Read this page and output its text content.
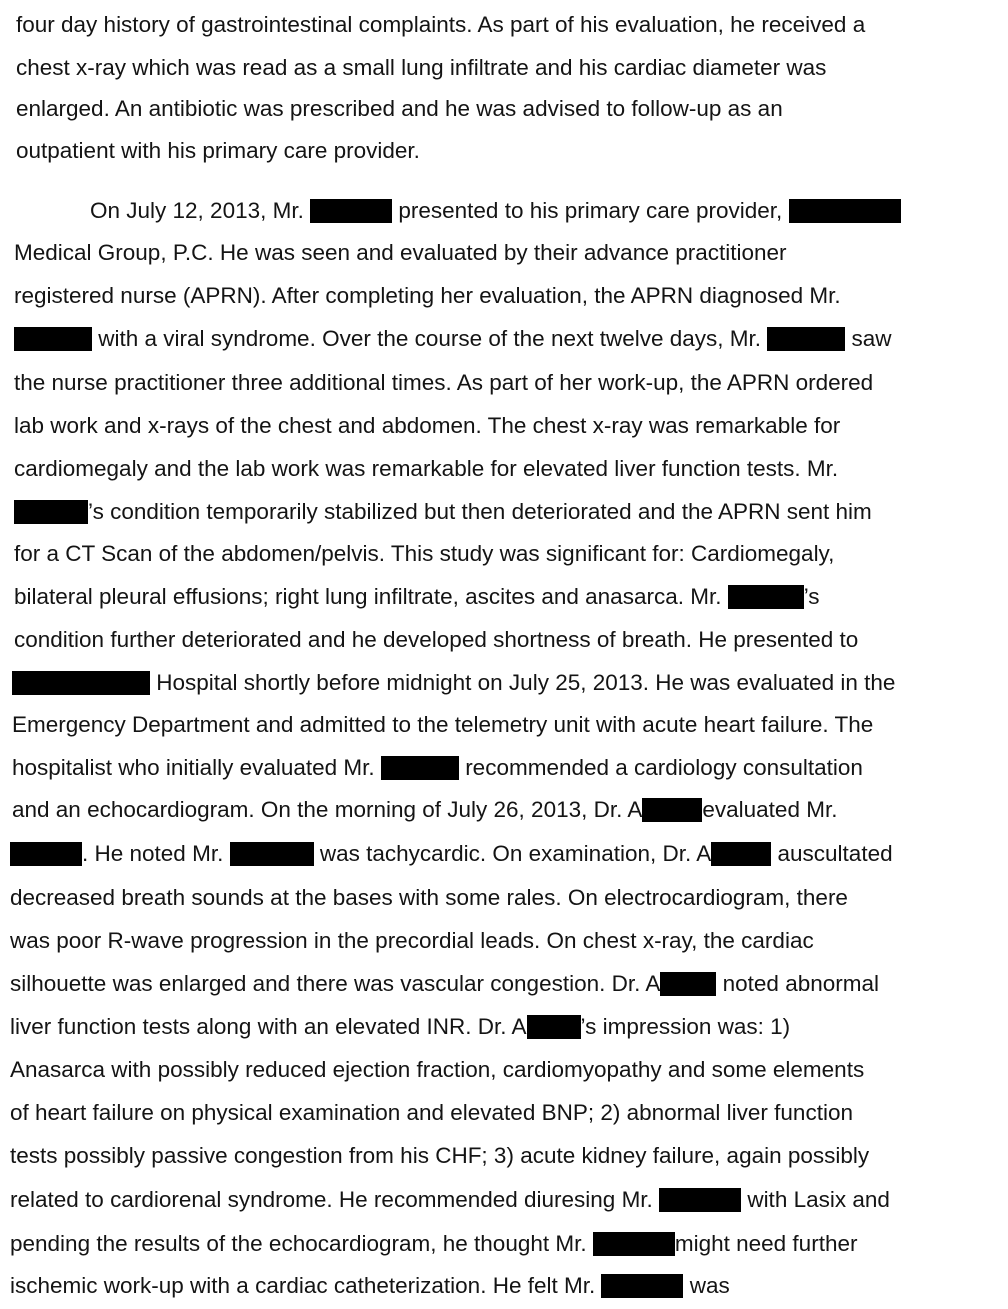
four day history of gastrointestinal complaints. As part of his evaluation, he received a
chest x-ray which was read as a small lung infiltrate and his cardiac diameter was
enlarged. An antibiotic was prescribed and he was advised to follow-up as an
outpatient with his primary care provider.
On July 12, 2013, Mr.	presented to his primary care provider,
Medical Group, P.C. He was seen and evaluated by their advance practitioner
registered nurse (APRN). After completing her evaluation, the APRN diagnosed Mr.
with a viral syndrome. Over the course of the next twelve days, Mr.	saw
the nurse practitioner three additional times. As part of her work-up, the APRN ordered
lab work and x-rays of the chest and abdomen. The chest x-ray was remarkable for
cardiomegaly and the lab work was remarkable for elevated liver function tests. Mr.
’s condition temporarily stabilized but then deteriorated and the APRN sent him
for a CT Scan of the abdomen/pelvis. This study was significant for: Cardiomegaly,
bilateral pleural effusions; right lung infiltrate, ascites and anasarca. Mr.	’s
condition further deteriorated and he developed shortness of breath. He presented to
Hospital shortly before midnight on July 25, 2013. He was evaluated in the
Emergency Department and admitted to the telemetry unit with acute heart failure. The
hospitalist who initially evaluated Mr.	recommended a cardiology consultation
and an echocardiogram. On the morning of July 26, 2013, Dr. A	evaluated Mr.
. He noted Mr.	was tachycardic. On examination, Dr. A	auscultated
decreased breath sounds at the bases with some rales. On electrocardiogram, there
was poor R-wave progression in the precordial leads. On chest x-ray, the cardiac
silhouette was enlarged and there was vascular congestion. Dr. A noted abnormal
liver function tests along with an elevated INR. Dr. A ’s impression was: 1)
Anasarca with possibly reduced ejection fraction, cardiomyopathy and some elements
of heart failure on physical examination and elevated BNP; 2) abnormal liver function
tests possibly passive congestion from his CHF; 3) acute kidney failure, again possibly
related to cardiorenal syndrome. He recommended diuresing Mr.	with Lasix and
pending the results of the echocardiogram, he thought Mr.	might need further
ischemic work-up with a cardiac catheterization. He felt Mr.	was
